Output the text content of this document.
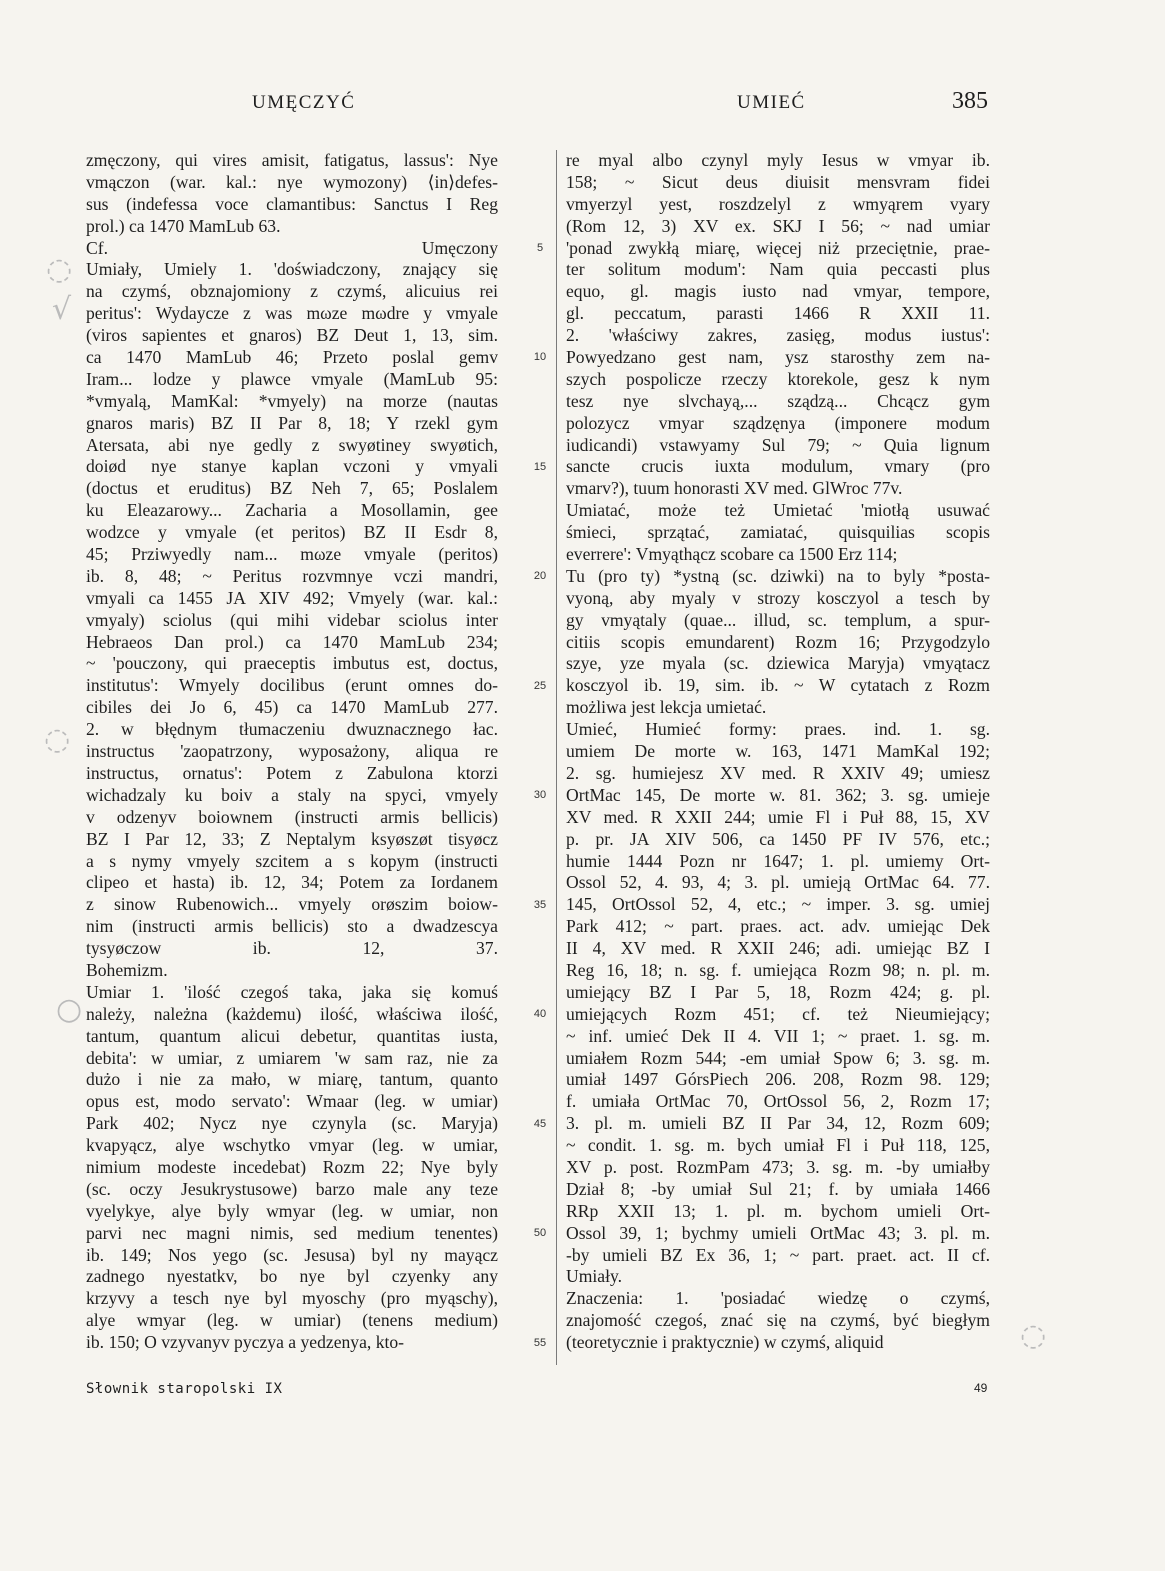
UMĘCZYĆ	UMIEĆ	385
zmęczony, qui vires amisit, fatigatus, lassus': Nye
vmączon (war. kal.: nye wymozony) ⟨in⟩defes-
sus (indefessa voce clamantibus: Sanctus I Reg
prol.) ca 1470 MamLub 63.
Cf. Umęczony
Umiały, Umiely 1. 'doświadczony, znający się
na czymś, obznajomiony z czymś, alicuius rei
peritus': Wydaycze z was mωze mωdre y vmyale
(viros sapientes et gnaros) BZ Deut 1, 13, sim.
ca 1470 MamLub 46; Przeto poslal gemv
Iram... lodze y plawce vmyale (MamLub 95:
*vmyalą, MamKal: *vmyely) na morze (nautas
gnaros maris) BZ II Par 8, 18; Y rzekl gym
Atersata, abi nye gedly z swyøtiney swyøtich,
doiød nye stanye kaplan vczoni y vmyali
(doctus et eruditus) BZ Neh 7, 65; Poslalem
ku Eleazarowy... Zacharia a Mosollamin, gee
wodzce y vmyale (et peritos) BZ II Esdr 8,
45; Prziwyedly nam... mωze vmyale (peritos)
ib. 8, 48; ~ Peritus rozvmnye vczi mandri,
vmyali ca 1455 JA XIV 492; Vmyely (war. kal.:
vmyaly) sciolus (qui mihi videbar sciolus inter
Hebraeos Dan prol.) ca 1470 MamLub 234;
~ 'pouczony, qui praeceptis imbutus est, doctus,
institutus': Wmyely docilibus (erunt omnes do-
cibiles dei Jo 6, 45) ca 1470 MamLub 277.
2. w błędnym tłumaczeniu dwuznacznego łac.
instructus 'zaopatrzony, wyposażony, aliqua re
instructus, ornatus': Potem z Zabulona ktorzi
wichadzaly ku boiv a staly na spyci, vmyely
v odzenyv boiownem (instructi armis bellicis)
BZ I Par 12, 33; Z Neptalym ksyøszøt tisyøcz
a s nymy vmyely szcitem a s kopym (instructi
clipeo et hasta) ib. 12, 34; Potem za Iordanem
z sinow Rubenowich... vmyely orøszim boiow-
nim (instructi armis bellicis) sto a dwadzescya
tysyøczow ib. 12, 37.
Bohemizm.
Umiar 1. 'ilość czegoś taka, jaka się komuś
należy, należna (każdemu) ilość, właściwa ilość,
tantum, quantum alicui debetur, quantitas iusta,
debita': w umiar, z umiarem 'w sam raz, nie za
dużo i nie za mało, w miarę, tantum, quanto
opus est, modo servato': Wmaar (leg. w umiar)
Park 402; Nycz nye czynyla (sc. Maryja)
kvapyącz, alye wschytko vmyar (leg. w umiar,
nimium modeste incedebat) Rozm 22; Nye byly
(sc. oczy Jesukrystusowe) barzo male any teze
vyelykye, alye byly wmyar (leg. w umiar, non
parvi nec magni nimis, sed medium tenentes)
ib. 149; Nos yego (sc. Jesusa) byl ny mayącz
zadnego nyestatkv, bo nye byl czyenky any
krzyvy a tesch nye byl myoschy (pro myąschy),
alye wmyar (leg. w umiar) (tenens medium)
ib. 150; O vzyvanyv pyczya a yedzenya, kto-
5
10
15
20
25
30
35
40
45
50
55
re myal albo czynyl myly Iesus w vmyar ib.
158; ~ Sicut deus diuisit mensvram fidei
vmyerzyl yest, roszdzelyl z wmyąrem vyary
(Rom 12, 3) XV ex. SKJ I 56; ~ nad umiar
'ponad zwykłą miarę, więcej niż przeciętnie, prae-
ter solitum modum': Nam quia peccasti plus
equo, gl. magis iusto nad vmyar, tempore,
gl. peccatum, parasti 1466 R XXII 11.
2. 'właściwy zakres, zasięg, modus iustus':
Powyedzano gest nam, ysz starosthy zem na-
szych pospolicze rzeczy ktorekole, gesz k nym
tesz nye slvchayą,... sządzą... Chcącz gym
polozycz vmyar sządzęnya (imponere modum
iudicandi) vstawyamy Sul 79; ~ Quia lignum
sancte crucis iuxta modulum, vmary (pro
vmarv?), tuum honorasti XV med. GlWroc 77v.
Umiatać, może też Umietać 'miotłą usuwać
śmieci, sprzątać, zamiatać, quisquilias scopis
everrere': Vmyąthącz scobare ca 1500 Erz 114;
Tu (pro ty) *ystną (sc. dziwki) na to byly *posta-
vyoną, aby myaly v strozy kosczyol a tesch by
gy vmyątaly (quae... illud, sc. templum, a spur-
citiis scopis emundarent) Rozm 16; Przygodzylo
szye, yze myala (sc. dziewica Maryja) vmyątacz
kosczyol ib. 19, sim. ib. ~ W cytatach z Rozm
możliwa jest lekcja umietać.
Umieć, Humieć formy: praes. ind. 1. sg.
umiem De morte w. 163, 1471 MamKal 192;
2. sg. humiejesz XV med. R XXIV 49; umiesz
OrtMac 145, De morte w. 81. 362; 3. sg. umieje
XV med. R XXII 244; umie Fl i Puł 88, 15, XV
p. pr. JA XIV 506, ca 1450 PF IV 576, etc.;
humie 1444 Pozn nr 1647; 1. pl. umiemy Ort-
Ossol 52, 4. 93, 4; 3. pl. umieją OrtMac 64. 77.
145, OrtOssol 52, 4, etc.; ~ imper. 3. sg. umiej
Park 412; ~ part. praes. act. adv. umiejąc Dek
II 4, XV med. R XXII 246; adi. umiejąc BZ I
Reg 16, 18; n. sg. f. umiejąca Rozm 98; n. pl. m.
umiejący BZ I Par 5, 18, Rozm 424; g. pl.
umiejących Rozm 451; cf. też Nieumiejący;
~ inf. umieć Dek II 4. VII 1; ~ praet. 1. sg. m.
umiałem Rozm 544; -em umiał Spow 6; 3. sg. m.
umiał 1497 GórsPiech 206. 208, Rozm 98. 129;
f. umiała OrtMac 70, OrtOssol 56, 2, Rozm 17;
3. pl. m. umieli BZ II Par 34, 12, Rozm 609;
~ condit. 1. sg. m. bych umiał Fl i Puł 118, 125,
XV p. post. RozmPam 473; 3. sg. m. -by umiałby
Dział 8; -by umiał Sul 21; f. by umiała 1466
RRp XXII 13; 1. pl. m. bychom umieli Ort-
Ossol 39, 1; bychmy umieli OrtMac 43; 3. pl. m.
-by umieli BZ Ex 36, 1; ~ part. praet. act. II cf.
Umiały.
Znaczenia: 1. 'posiadać wiedzę o czymś,
znajomość czegoś, znać się na czymś, być biegłym
(teoretycznie i praktycznie) w czymś, aliquid
Słownik staropolski IX	49
◌
√
◌
○
◌
